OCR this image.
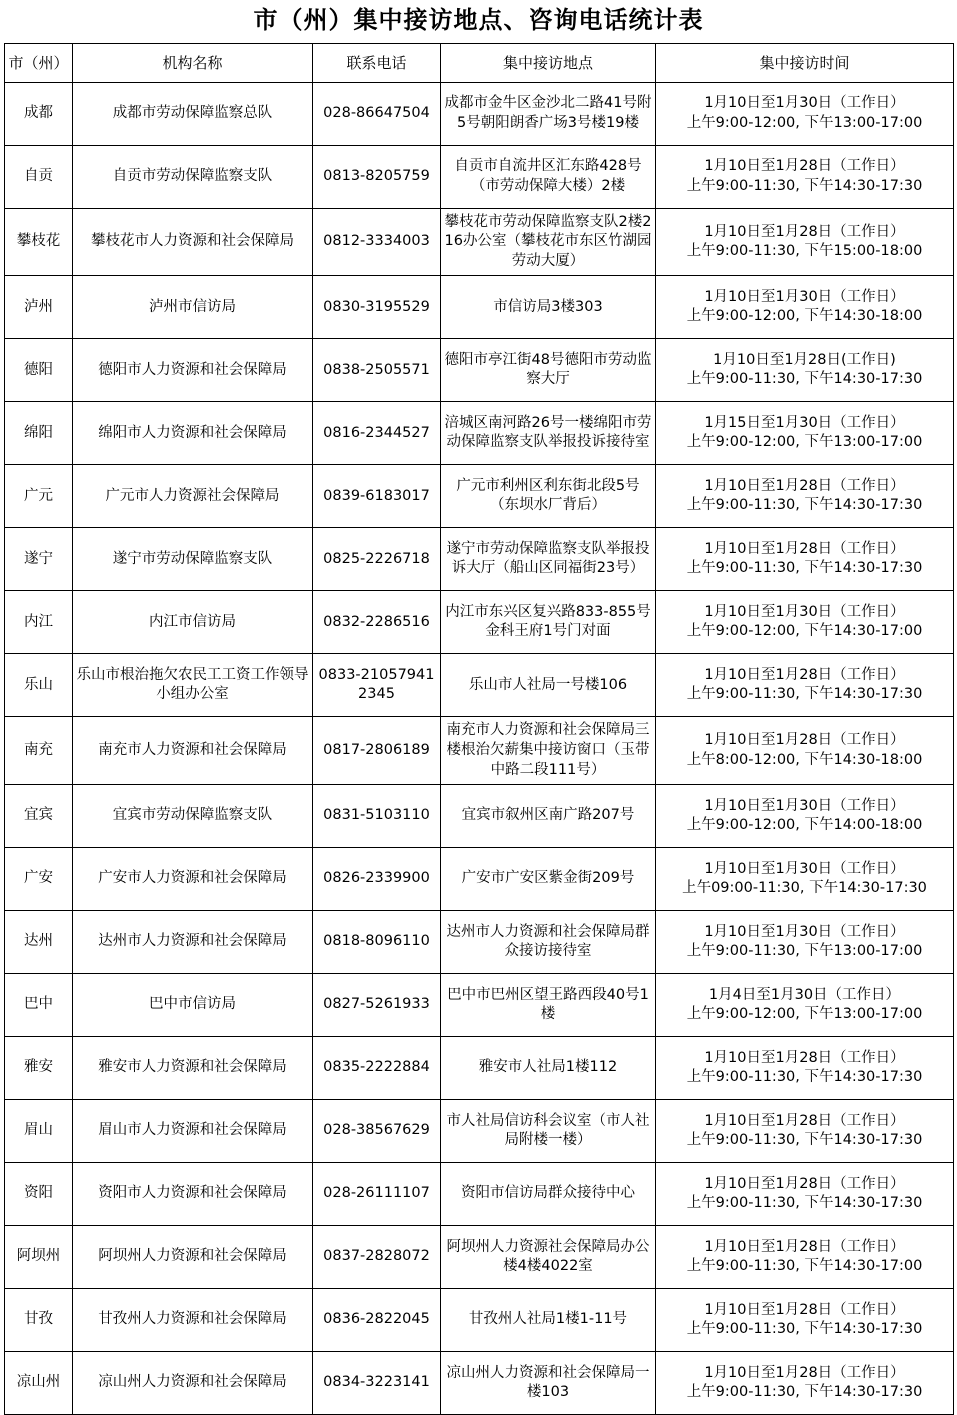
市（州）集中接访地点、咨询电话统计表
市（州）	机构名称	联系电话	集中接访地点	集中接访时间
成都	成都市劳动保障监察总队	028-86647504	成都市金牛区金沙北二路41号附5号朝阳朗香广场3号楼19楼	1月10日至1月30日（工作日）
上午9:00-12:00, 下午13:00-17:00
自贡	自贡市劳动保障监察支队	0813-8205759	自贡市自流井区汇东路428号（市劳动保障大楼）2楼	1月10日至1月28日（工作日）
上午9:00-11:30, 下午14:30-17:30
攀枝花	攀枝花市人力资源和社会保障局	0812-3334003	攀枝花市劳动保障监察支队2楼216办公室（攀枝花市东区竹湖园劳动大厦）	1月10日至1月28日（工作日）
上午9:00-11:30, 下午15:00-18:00
泸州	泸州市信访局	0830-3195529	市信访局3楼303	1月10日至1月30日（工作日）
上午9:00-12:00, 下午14:30-18:00
德阳	德阳市人力资源和社会保障局	0838-2505571	德阳市亭江街48号德阳市劳动监察大厅	1月10日至1月28日(工作日)
上午9:00-11:30, 下午14:30-17:30
绵阳	绵阳市人力资源和社会保障局	0816-2344527	涪城区南河路26号一楼绵阳市劳动保障监察支队举报投诉接待室	1月15日至1月30日（工作日）
上午9:00-12:00, 下午13:00-17:00
广元	广元市人力资源社会保障局	0839-6183017	广元市利州区利东街北段5号（东坝水厂背后）	1月10日至1月28日（工作日）
上午9:00-11:30, 下午14:30-17:30
遂宁	遂宁市劳动保障监察支队	0825-2226718	遂宁市劳动保障监察支队举报投诉大厅（船山区同福街23号）	1月10日至1月28日（工作日）
上午9:00-11:30, 下午14:30-17:30
内江	内江市信访局	0832-2286516	内江市东兴区复兴路833-855号金科王府1号门对面	1月10日至1月30日（工作日）
上午9:00-12:00, 下午14:30-17:00
乐山	乐山市根治拖欠农民工工资工作领导小组办公室	0833-210579412345	乐山市人社局一号楼106	1月10日至1月28日（工作日）
上午9:00-11:30, 下午14:30-17:30
南充	南充市人力资源和社会保障局	0817-2806189	南充市人力资源和社会保障局三楼根治欠薪集中接访窗口（玉带中路二段111号）	1月10日至1月28日（工作日）
上午8:00-12:00, 下午14:30-18:00
宜宾	宜宾市劳动保障监察支队	0831-5103110	宜宾市叙州区南广路207号	1月10日至1月30日（工作日）
上午9:00-12:00, 下午14:00-18:00
广安	广安市人力资源和社会保障局	0826-2339900	广安市广安区紫金街209号	1月10日至1月30日（工作日）
上午09:00-11:30, 下午14:30-17:30
达州	达州市人力资源和社会保障局	0818-8096110	达州市人力资源和社会保障局群众接访接待室	1月10日至1月30日（工作日）
上午9:00-11:30, 下午13:00-17:00
巴中	巴中市信访局	0827-5261933	巴中市巴州区望王路西段40号1楼	1月4日至1月30日（工作日）
上午9:00-12:00, 下午13:00-17:00
雅安	雅安市人力资源和社会保障局	0835-2222884	雅安市人社局1楼112	1月10日至1月28日（工作日）
上午9:00-11:30, 下午14:30-17:30
眉山	眉山市人力资源和社会保障局	028-38567629	市人社局信访科会议室（市人社局附楼一楼）	1月10日至1月28日（工作日）
上午9:00-11:30, 下午14:30-17:30
资阳	资阳市人力资源和社会保障局	028-26111107	资阳市信访局群众接待中心	1月10日至1月28日（工作日）
上午9:00-11:30, 下午14:30-17:30
阿坝州	阿坝州人力资源和社会保障局	0837-2828072	阿坝州人力资源社会保障局办公楼4楼4022室	1月10日至1月28日（工作日）
上午9:00-11:30, 下午14:30-17:00
甘孜	甘孜州人力资源和社会保障局	0836-2822045	甘孜州人社局1楼1-11号	1月10日至1月28日（工作日）
上午9:00-11:30, 下午14:30-17:30
凉山州	凉山州人力资源和社会保障局	0834-3223141	凉山州人力资源和社会保障局一楼103	1月10日至1月28日（工作日）
上午9:00-11:30, 下午14:30-17:30
